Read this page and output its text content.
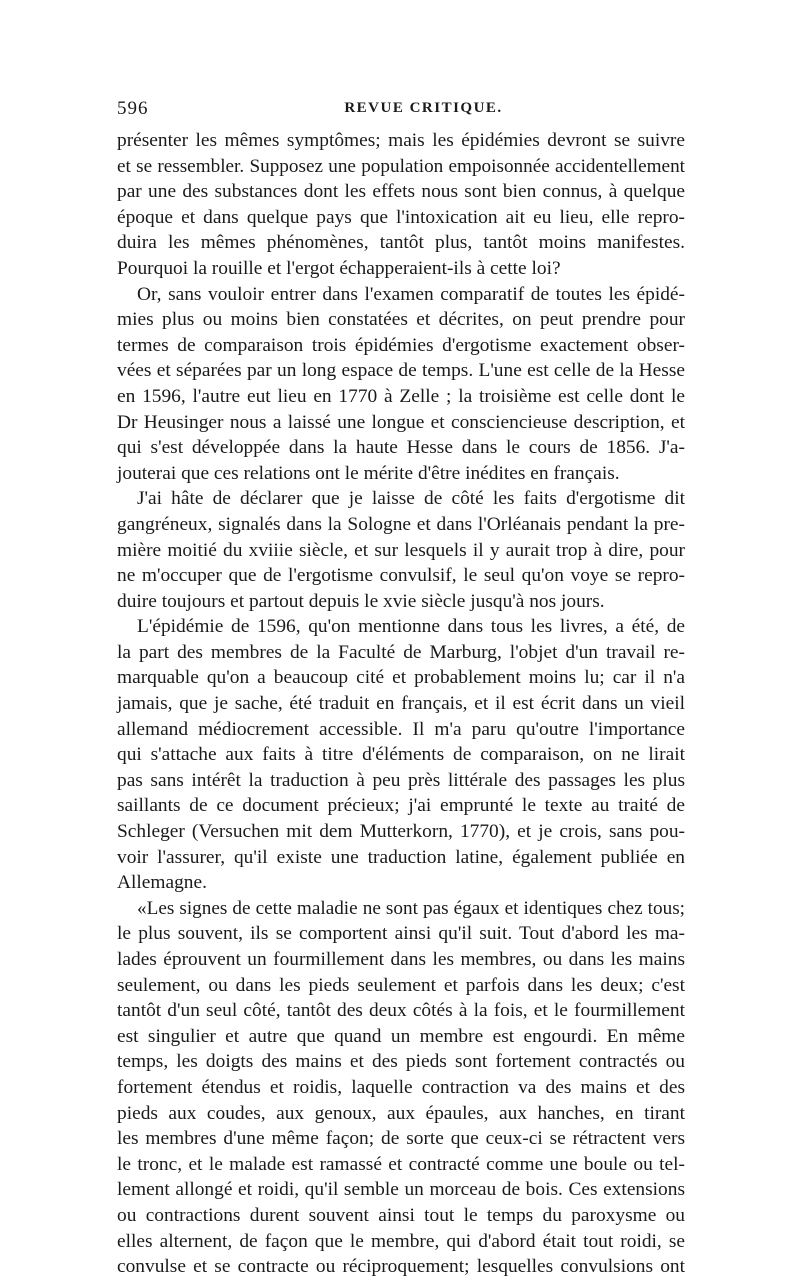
596	REVUE CRITIQUE.
présenter les mêmes symptômes; mais les épidémies devront se suivre
et se ressembler. Supposez une population empoisonnée accidentellement
par une des substances dont les effets nous sont bien connus, à quelque
époque et dans quelque pays que l'intoxication ait eu lieu, elle repro-
duira les mêmes phénomènes, tantôt plus, tantôt moins manifestes.
Pourquoi la rouille et l'ergot échapperaient-ils à cette loi?
Or, sans vouloir entrer dans l'examen comparatif de toutes les épidé-
mies plus ou moins bien constatées et décrites, on peut prendre pour
termes de comparaison trois épidémies d'ergotisme exactement obser-
vées et séparées par un long espace de temps. L'une est celle de la Hesse
en 1596, l'autre eut lieu en 1770 à Zelle ; la troisième est celle dont le
Dr Heusinger nous a laissé une longue et consciencieuse description, et
qui s'est développée dans la haute Hesse dans le cours de 1856. J'a-
jouterai que ces relations ont le mérite d'être inédites en français.
J'ai hâte de déclarer que je laisse de côté les faits d'ergotisme dit
gangréneux, signalés dans la Sologne et dans l'Orléanais pendant la pre-
mière moitié du xviiie siècle, et sur lesquels il y aurait trop à dire, pour
ne m'occuper que de l'ergotisme convulsif, le seul qu'on voye se repro-
duire toujours et partout depuis le xvie siècle jusqu'à nos jours.
L'épidémie de 1596, qu'on mentionne dans tous les livres, a été, de
la part des membres de la Faculté de Marburg, l'objet d'un travail re-
marquable qu'on a beaucoup cité et probablement moins lu; car il n'a
jamais, que je sache, été traduit en français, et il est écrit dans un vieil
allemand médiocrement accessible. Il m'a paru qu'outre l'importance
qui s'attache aux faits à titre d'éléments de comparaison, on ne lirait
pas sans intérêt la traduction à peu près littérale des passages les plus
saillants de ce document précieux; j'ai emprunté le texte au traité de
Schleger (Versuchen mit dem Mutterkorn, 1770), et je crois, sans pou-
voir l'assurer, qu'il existe une traduction latine, également publiée en
Allemagne.
«Les signes de cette maladie ne sont pas égaux et identiques chez tous;
le plus souvent, ils se comportent ainsi qu'il suit. Tout d'abord les ma-
lades éprouvent un fourmillement dans les membres, ou dans les mains
seulement, ou dans les pieds seulement et parfois dans les deux; c'est
tantôt d'un seul côté, tantôt des deux côtés à la fois, et le fourmillement
est singulier et autre que quand un membre est engourdi. En même
temps, les doigts des mains et des pieds sont fortement contractés ou
fortement étendus et roidis, laquelle contraction va des mains et des
pieds aux coudes, aux genoux, aux épaules, aux hanches, en tirant
les membres d'une même façon; de sorte que ceux-ci se rétractent vers
le tronc, et le malade est ramassé et contracté comme une boule ou tel-
lement allongé et roidi, qu'il semble un morceau de bois. Ces extensions
ou contractions durent souvent ainsi tout le temps du paroxysme ou
elles alternent, de façon que le membre, qui d'abord était tout roidi, se
convulse et se contracte ou réciproquement; lesquelles convulsions ont
